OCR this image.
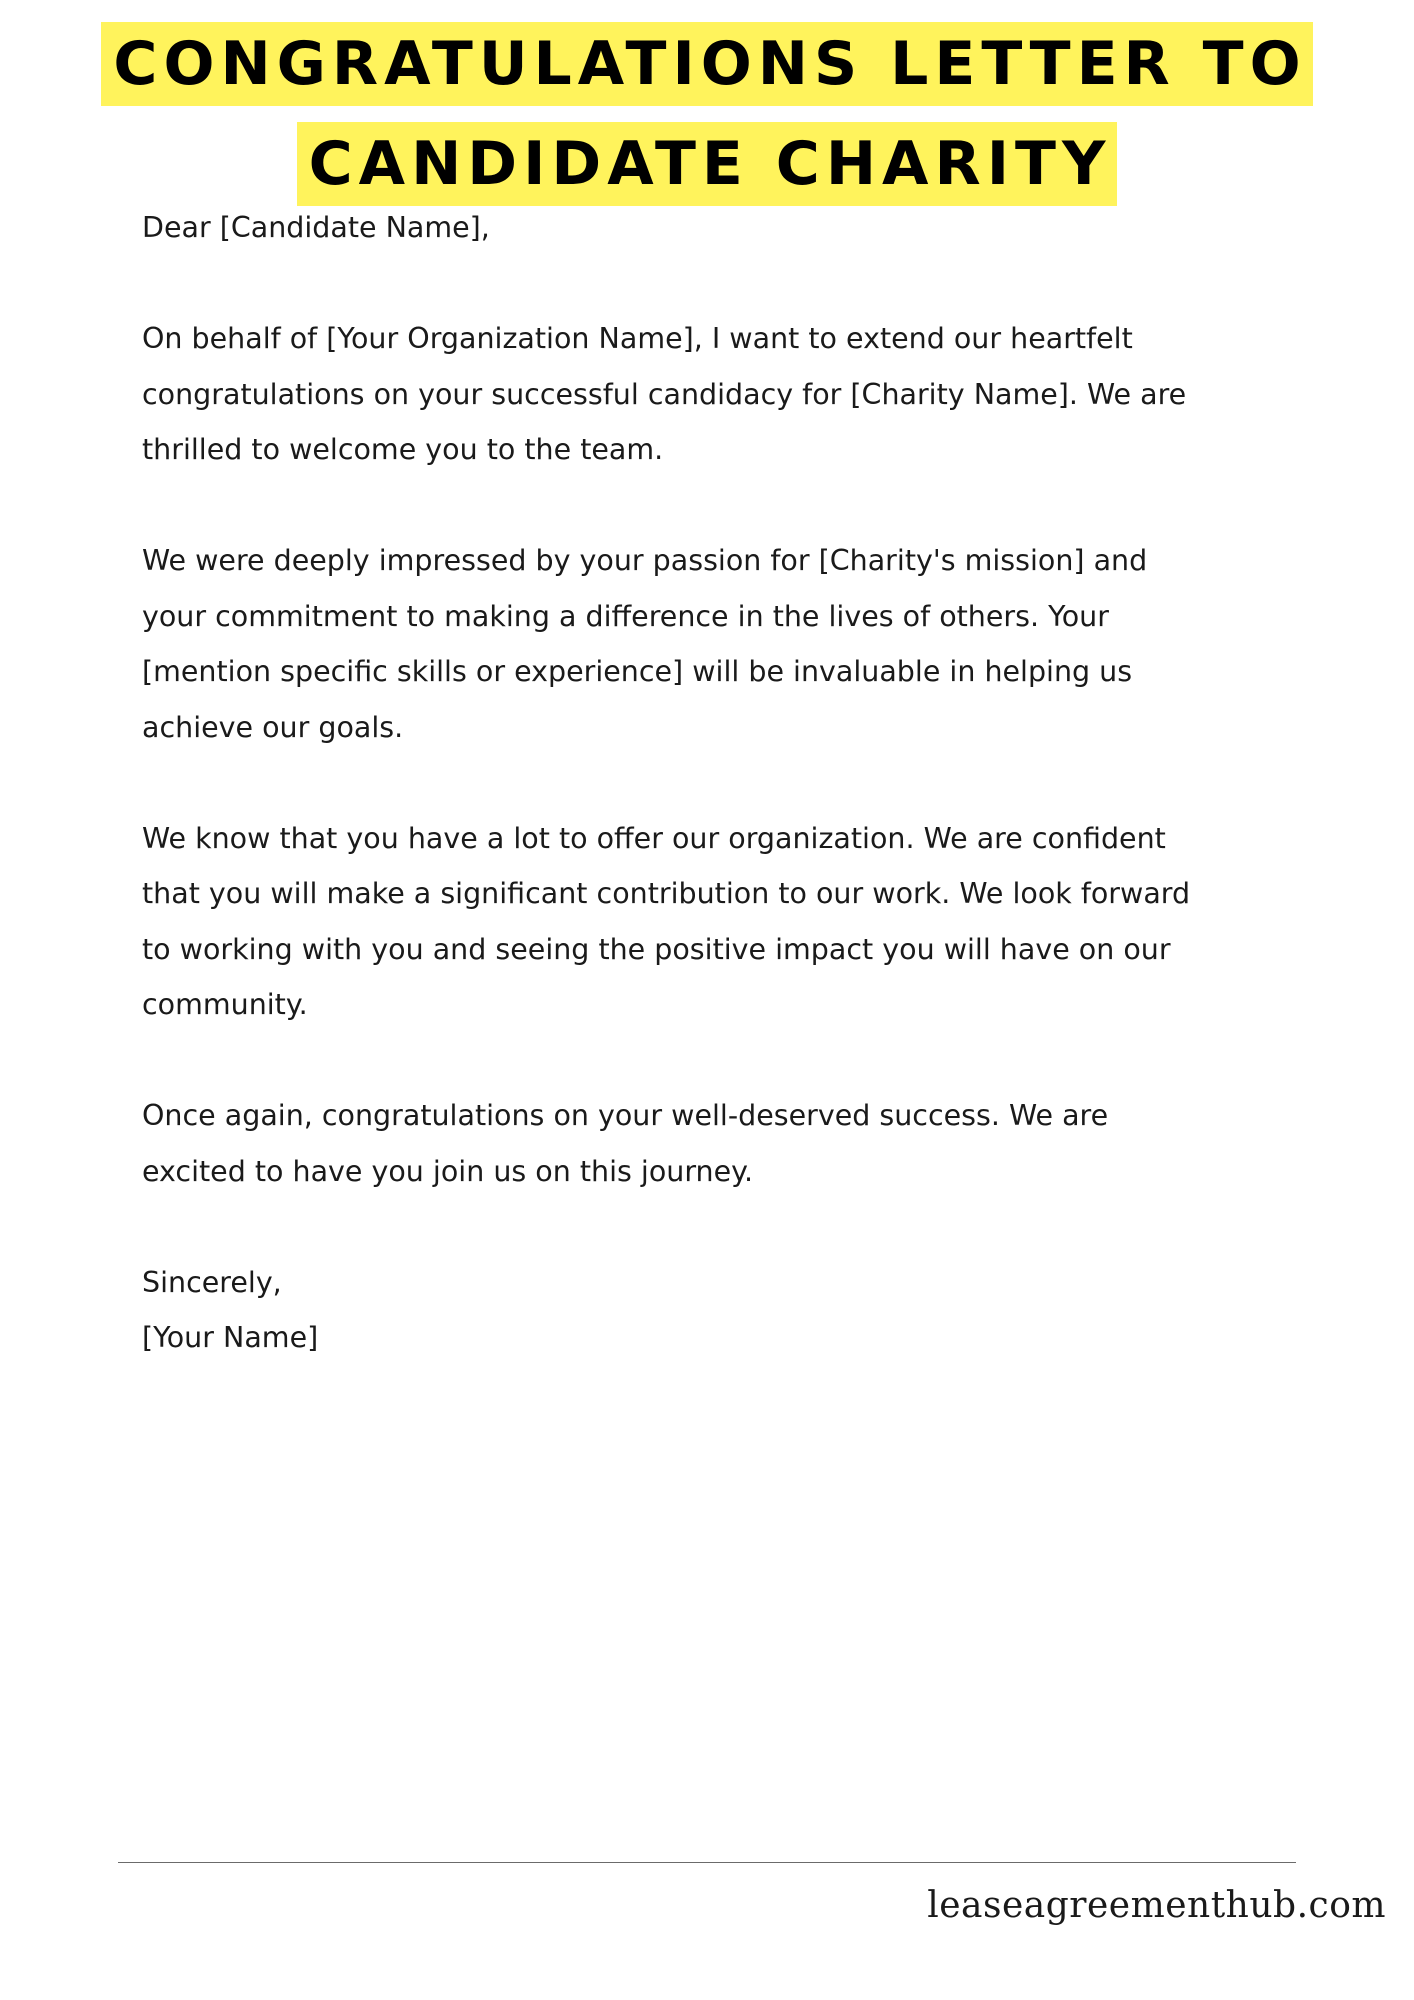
CONGRATULATIONS LETTER TO
CANDIDATE CHARITY

Dear [Candidate Name],

On behalf of [Your Organization Name], I want to extend our heartfelt
congratulations on your successful candidacy for [Charity Name]. We are
thrilled to welcome you to the team.

We were deeply impressed by your passion for [Charity's mission] and
your commitment to making a difference in the lives of others. Your
[mention specific skills or experience] will be invaluable in helping us
achieve our goals.

We know that you have a lot to offer our organization. We are confident
that you will make a significant contribution to our work. We look forward
to working with you and seeing the positive impact you will have on our
community.

Once again, congratulations on your well-deserved success. We are
excited to have you join us on this journey.

Sincerely,
[Your Name]

leaseagreementhub.com
